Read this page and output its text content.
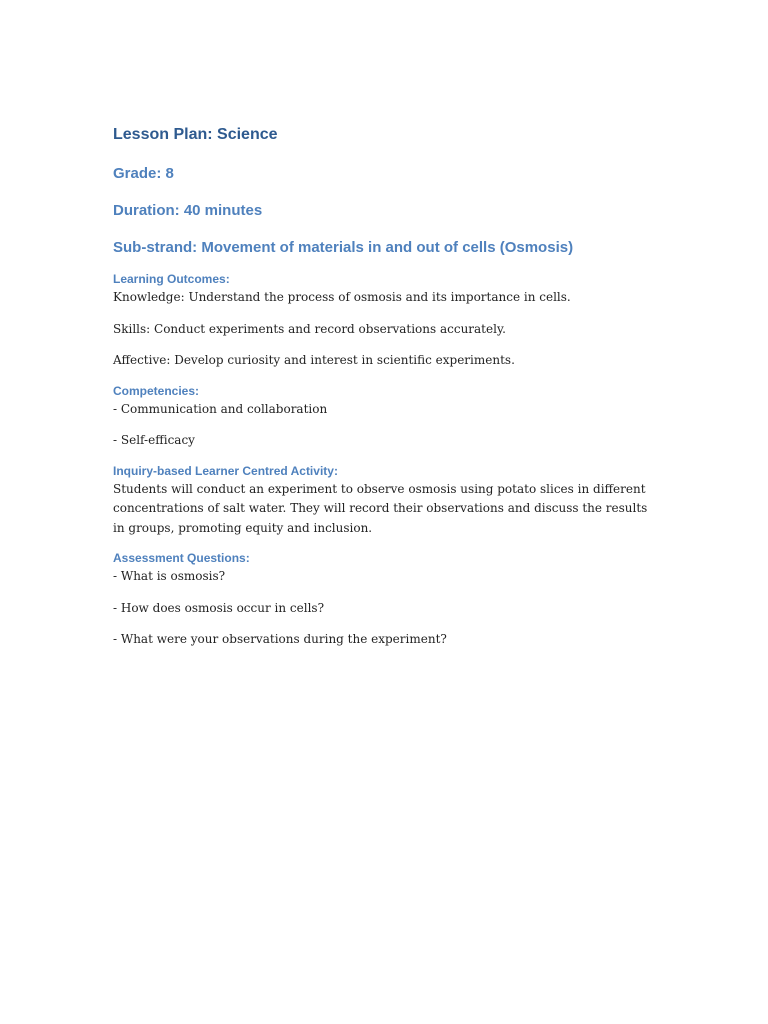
Lesson Plan: Science
Grade: 8
Duration: 40 minutes
Sub-strand: Movement of materials in and out of cells (Osmosis)
Learning Outcomes:
Knowledge: Understand the process of osmosis and its importance in cells.
Skills: Conduct experiments and record observations accurately.
Affective: Develop curiosity and interest in scientific experiments.
Competencies:
- Communication and collaboration
- Self-efficacy
Inquiry-based Learner Centred Activity:
Students will conduct an experiment to observe osmosis using potato slices in different concentrations of salt water. They will record their observations and discuss the results in groups, promoting equity and inclusion.
Assessment Questions:
- What is osmosis?
- How does osmosis occur in cells?
- What were your observations during the experiment?
